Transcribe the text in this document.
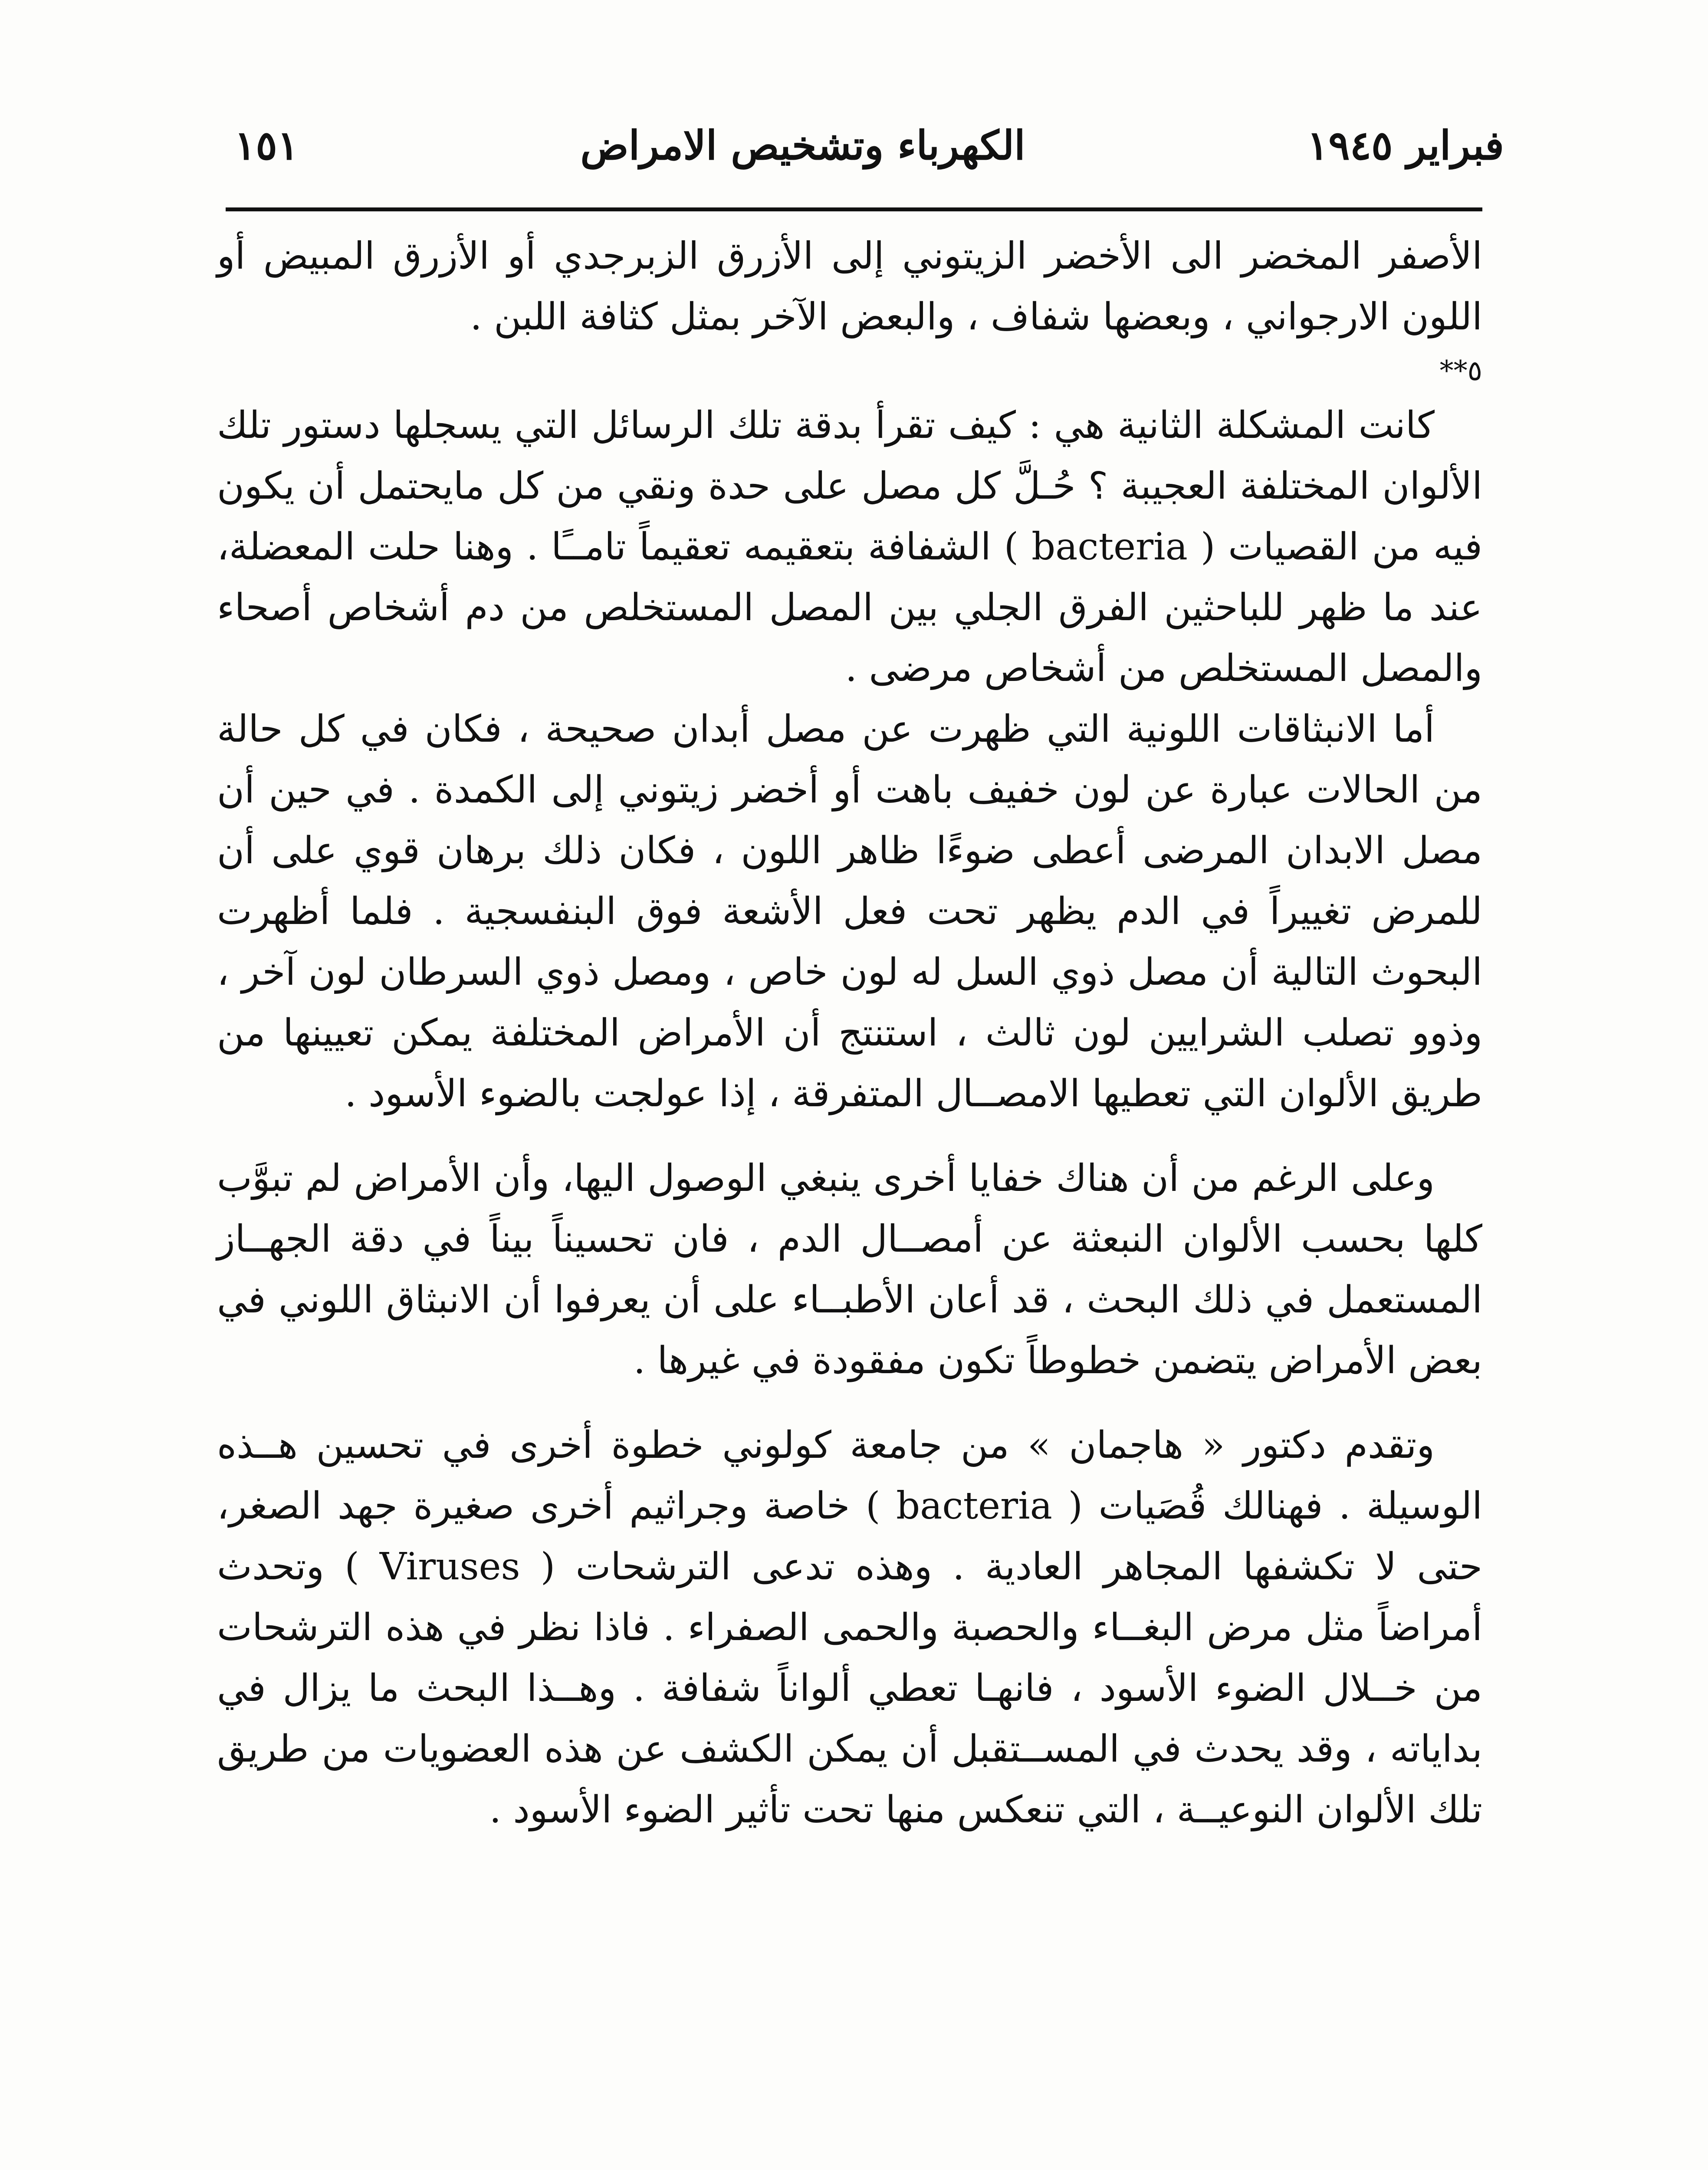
فبراير ١٩٤٥
الكهرباء وتشخيص الامراض
١٥١

الأصفر المخضر الى الأخضر الزيتوني إلى الأزرق الزبرجدي أو الأزرق المبيض أو اللون الارجواني ، وبعضها شفاف ، والبعض الآخر بمثل كثافة اللبن .

٥**

كانت المشكلة الثانية هي : كيف تقرأ بدقة تلك الرسائل التي يسجلها دستور تلك الألوان المختلفة العجيبة ؟ حُـلَّ كل مصل على حدة ونقي من كل مايحتمل أن يكون فيه من القصيات ( bacteria ) الشفافة بتعقيمه تعقيماً تامــًا . وهنا حلت المعضلة، عند ما ظهر للباحثين الفرق الجلي بين المصل المستخلص من دم أشخاص أصحاء والمصل المستخلص من أشخاص مرضى .

أما الانبثاقات اللونية التي ظهرت عن مصل أبدان صحيحة ، فكان في كل حالة من الحالات عبارة عن لون خفيف باهت أو أخضر زيتوني إلى الكمدة . في حين أن مصل الابدان المرضى أعطى ضوءًا ظاهر اللون ، فكان ذلك برهان قوي على أن للمرض تغييراً في الدم يظهر تحت فعل الأشعة فوق البنفسجية . فلما أظهرت البحوث التالية أن مصل ذوي السل له لون خاص ، ومصل ذوي السرطان لون آخر ، وذوو تصلب الشرايين لون ثالث ، استنتج أن الأمراض المختلفة يمكن تعيينها من طريق الألوان التي تعطيها الامصــال المتفرقة ، إذا عولجت بالضوء الأسود .

وعلى الرغم من أن هناك خفايا أخرى ينبغي الوصول اليها، وأن الأمراض لم تبوَّب كلها بحسب الألوان النبعثة عن أمصــال الدم ، فان تحسيناً بيناً في دقة الجهــاز المستعمل في ذلك البحث ، قد أعان الأطبــاء على أن يعرفوا أن الانبثاق اللوني في بعض الأمراض يتضمن خطوطاً تكون مفقودة في غيرها .

وتقدم دكتور « هاجمان » من جامعة كولوني خطوة أخرى في تحسين هــذه الوسيلة . فهنالك قُصَيات ( bacteria ) خاصة وجراثيم أخرى صغيرة جهد الصغر، حتى لا تكشفها المجاهر العادية . وهذه تدعى الترشحات ( Viruses ) وتحدث أمراضاً مثل مرض البغــاء والحصبة والحمى الصفراء . فاذا نظر في هذه الترشحات من خــلال الضوء الأسود ، فانهـا تعطي ألواناً شفافة . وهــذا البحث ما يزال في بداياته ، وقد يحدث في المســتقبل أن يمكن الكشف عن هذه العضويات من طريق تلك الألوان النوعيــة ، التي تنعكس منها تحت تأثير الضوء الأسود .
